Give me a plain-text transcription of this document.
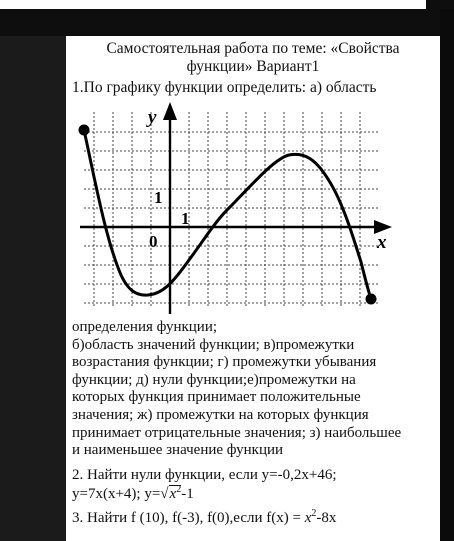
Самостоятельная работа по теме: «Свойства
функции» Вариант1
1.По графику функции определить: а) область
y
x
0
1
1
определения функции;
б)область значений функции; в)промежутки
возрастания функции; г) промежутки убывания
функции; д) нули функции;е)промежутки на
которых функция принимает положительные
значения; ж) промежутки на которых функция
принимает отрицательные значения; з) наибольшее
и наименьшее значение функции
2. Найти нули функции, если у=-0,2х+46;
у=7х(х+4); $у=√x^2-1$
3. Найти f (10), f(-3), f(0),если $f(x) = x^2-8x$
